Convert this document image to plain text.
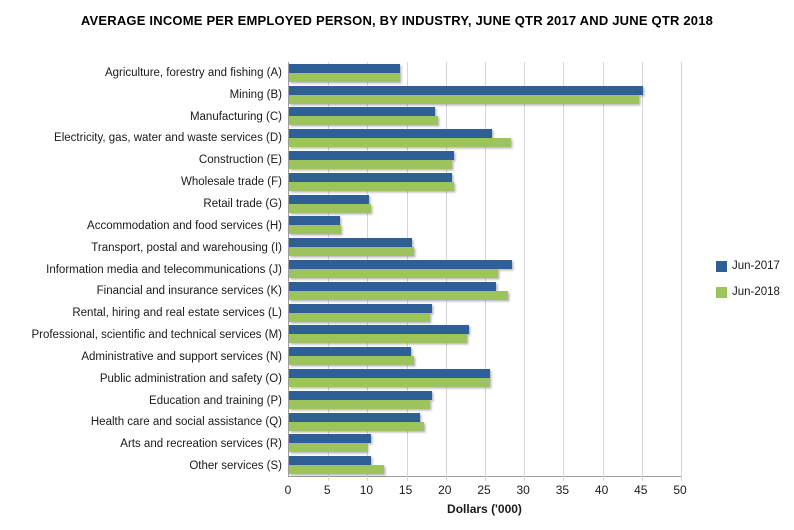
AVERAGE INCOME PER EMPLOYED PERSON, BY INDUSTRY, JUNE QTR 2017 AND JUNE QTR 2018
Agriculture, forestry and fishing (A)
Mining (B)
Manufacturing (C)
Electricity, gas, water and waste services (D)
Construction (E)
Wholesale trade (F)
Retail trade (G)
Accommodation and food services (H)
Transport, postal and warehousing (I)
Information media and telecommunications (J)
Financial and insurance services (K)
Rental, hiring and real estate services (L)
Professional, scientific and technical services (M)
Administrative and support services (N)
Public administration and safety (O)
Education and training (P)
Health care and social assistance (Q)
Arts and recreation services (R)
Other services (S)
0	5 10 15 20 25 30 35 40 45 50
Dollars ('000)
Jun-2017
Jun-2018
